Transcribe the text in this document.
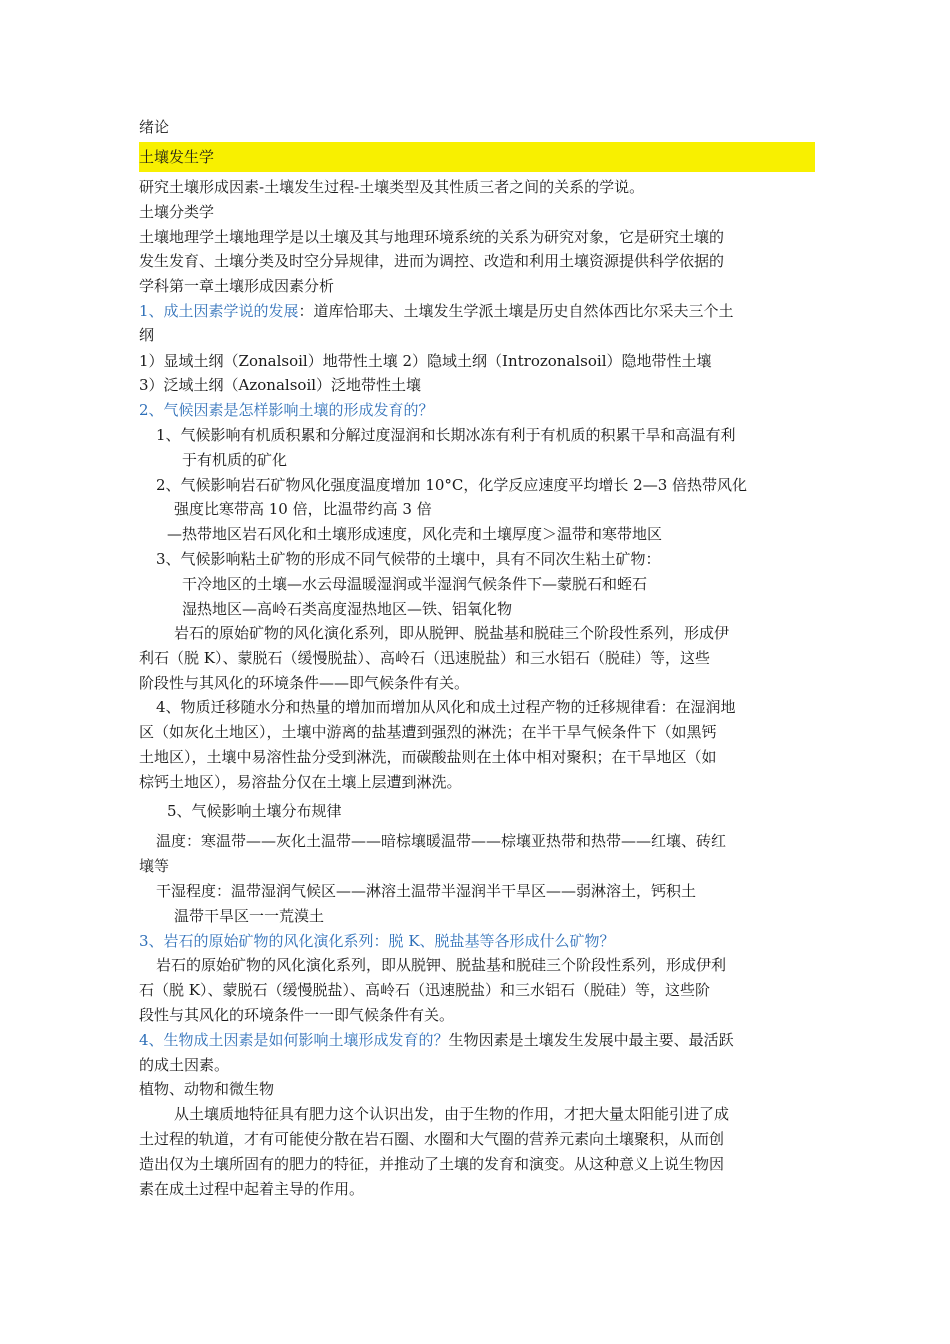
绪论
土壤发生学
研究土壤形成因素-土壤发生过程-土壤类型及其性质三者之间的关系的学说。
土壤分类学
土壤地理学土壤地理学是以土壤及其与地理环境系统的关系为研究对象，它是研究土壤的
发生发育、土壤分类及时空分异规律，进而为调控、改造和利用土壤资源提供科学依据的
学科第一章土壤形成因素分析
1、成土因素学说的发展：道库恰耶夫、土壤发生学派土壤是历史自然体西比尔采夫三个土
纲
1）显域土纲（Zonalsoil）地带性土壤 2）隐域土纲（Introzonalsoil）隐地带性土壤
3）泛域土纲（Azonalsoil）泛地带性土壤
2、气候因素是怎样影响土壤的形成发育的？
1、气候影响有机质积累和分解过度湿润和长期冰冻有利于有机质的积累干旱和高温有利
于有机质的矿化
2、气候影响岩石矿物风化强度温度增加 10°C，化学反应速度平均增长 2—3 倍热带风化
强度比寒带高 10 倍，比温带约高 3 倍
—热带地区岩石风化和土壤形成速度，风化壳和土壤厚度＞温带和寒带地区
3、气候影响粘土矿物的形成不同气候带的土壤中，具有不同次生粘土矿物：
干冷地区的土壤—水云母温暖湿润或半湿润气候条件下—蒙脱石和蛭石
湿热地区—高岭石类高度湿热地区—铁、铝氧化物
岩石的原始矿物的风化演化系列，即从脱钾、脱盐基和脱硅三个阶段性系列，形成伊
利石（脱 K）、蒙脱石（缓慢脱盐）、高岭石（迅速脱盐）和三水铝石（脱硅）等，这些
阶段性与其风化的环境条件——即气候条件有关。
4、物质迁移随水分和热量的增加而增加从风化和成土过程产物的迁移规律看：在湿润地
区（如灰化土地区），土壤中游离的盐基遭到强烈的淋洗；在半干旱气候条件下（如黑钙
土地区），土壤中易溶性盐分受到淋洗，而碳酸盐则在土体中相对聚积；在干旱地区（如
棕钙土地区），易溶盐分仅在土壤上层遭到淋洗。
5、气候影响土壤分布规律
温度：寒温带——灰化土温带——暗棕壤暖温带——棕壤亚热带和热带——红壤、砖红
壤等
干湿程度：温带湿润气候区——淋溶土温带半湿润半干旱区——弱淋溶土，钙积土
温带干旱区一一荒漠土
3、岩石的原始矿物的风化演化系列：脱 K、脱盐基等各形成什么矿物？
岩石的原始矿物的风化演化系列，即从脱钾、脱盐基和脱硅三个阶段性系列，形成伊利
石（脱 K）、蒙脱石（缓慢脱盐）、高岭石（迅速脱盐）和三水铝石（脱硅）等，这些阶
段性与其风化的环境条件一一即气候条件有关。
4、生物成土因素是如何影响土壤形成发育的？生物因素是土壤发生发展中最主要、最活跃
的成土因素。
植物、动物和微生物
从土壤质地特征具有肥力这个认识出发，由于生物的作用，才把大量太阳能引进了成
土过程的轨道，才有可能使分散在岩石圈、水圈和大气圈的营养元素向土壤聚积，从而创
造出仅为土壤所固有的肥力的特征，并推动了土壤的发育和演变。从这种意义上说生物因
素在成土过程中起着主导的作用。
